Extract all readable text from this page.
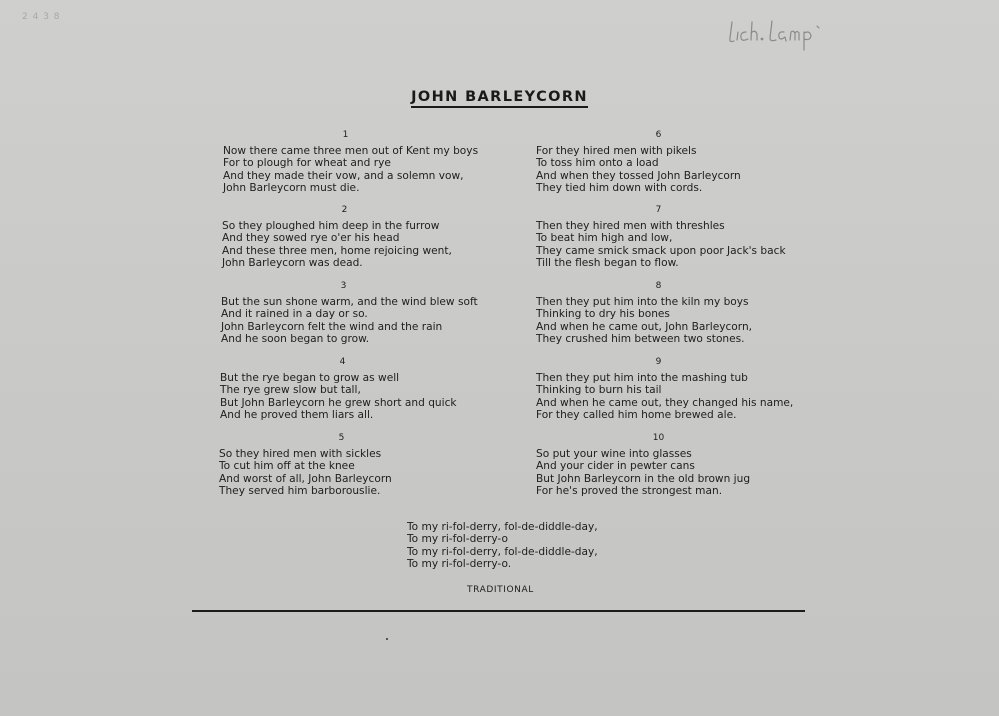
2 4 3 8
JOHN BARLEYCORN
1
Now there came three men out of Kent my boys
For to plough for wheat and rye
And they made their vow, and a solemn vow,
John Barleycorn must die.
2
So they ploughed him deep in the furrow
And they sowed rye o'er his head
And these three men, home rejoicing went,
John Barleycorn was dead.
3
But the sun shone warm, and the wind blew soft
And it rained in a day or so.
John Barleycorn felt the wind and the rain
And he soon began to grow.
4
But the rye began to grow as well
The rye grew slow but tall,
But John Barleycorn he grew short and quick
And he proved them liars all.
5
So they hired men with sickles
To cut him off at the knee
And worst of all, John Barleycorn
They served him barborouslie.
6
For they hired men with pikels
To toss him onto a load
And when they tossed John Barleycorn
They tied him down with cords.
7
Then they hired men with threshles
To beat him high and low,
They came smick smack upon poor Jack's back
Till the flesh began to flow.
8
Then they put him into the kiln my boys
Thinking to dry his bones
And when he came out, John Barleycorn,
They crushed him between two stones.
9
Then they put him into the mashing tub
Thinking to burn his tail
And when he came out, they changed his name,
For they called him home brewed ale.
10
So put your wine into glasses
And your cider in pewter cans
But John Barleycorn in the old brown jug
For he's proved the strongest man.
To my ri-fol-derry, fol-de-diddle-day,
To my ri-fol-derry-o
To my ri-fol-derry, fol-de-diddle-day,
To my ri-fol-derry-o.
TRADITIONAL
